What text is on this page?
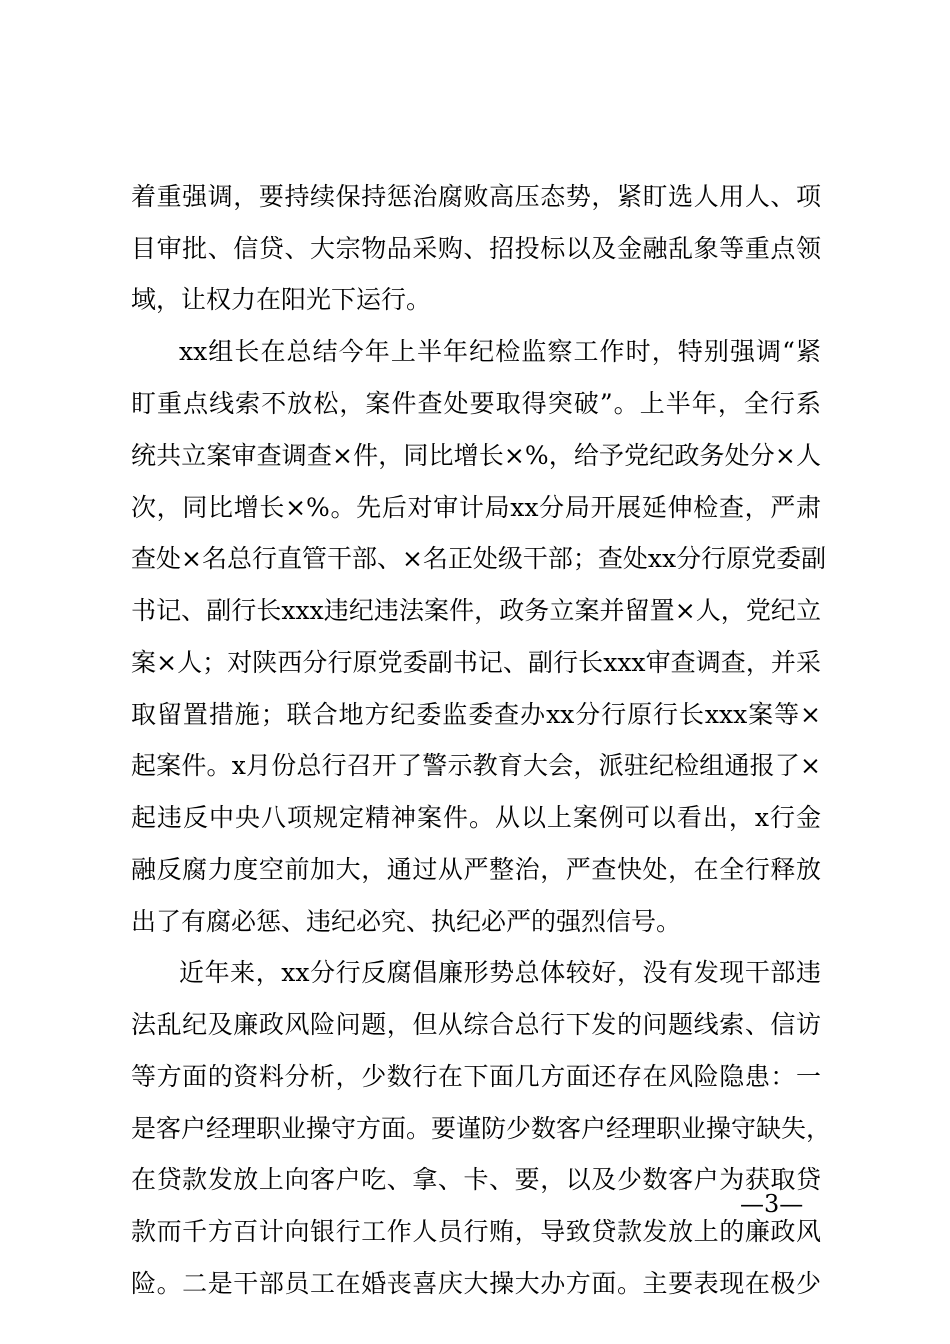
着重强调，要持续保持惩治腐败高压态势，紧盯选人用人、项
目审批、信贷、大宗物品采购、招投标以及金融乱象等重点领
域，让权力在阳光下运行。
xx组长在总结今年上半年纪检监察工作时，特别强调“紧
盯重点线索不放松，案件查处要取得突破”。上半年，全行系
统共立案审查调查×件，同比增长×%，给予党纪政务处分×人
次，同比增长×%。先后对审计局xx分局开展延伸检查，严肃
查处×名总行直管干部、×名正处级干部；查处xx分行原党委副
书记、副行长xxx违纪违法案件，政务立案并留置×人，党纪立
案×人；对陕西分行原党委副书记、副行长xxx审查调查，并采
取留置措施；联合地方纪委监委查办xx分行原行长xxx案等×
起案件。x月份总行召开了警示教育大会，派驻纪检组通报了×
起违反中央八项规定精神案件。从以上案例可以看出，x行金
融反腐力度空前加大，通过从严整治，严查快处，在全行释放
出了有腐必惩、违纪必究、执纪必严的强烈信号。
近年来，xx分行反腐倡廉形势总体较好，没有发现干部违
法乱纪及廉政风险问题，但从综合总行下发的问题线索、信访
等方面的资料分析，少数行在下面几方面还存在风险隐患：一
是客户经理职业操守方面。要谨防少数客户经理职业操守缺失，
在贷款发放上向客户吃、拿、卡、要，以及少数客户为获取贷
款而千方百计向银行工作人员行贿，导致贷款发放上的廉政风
险。二是干部员工在婚丧喜庆大操大办方面。主要表现在极少
—3—
